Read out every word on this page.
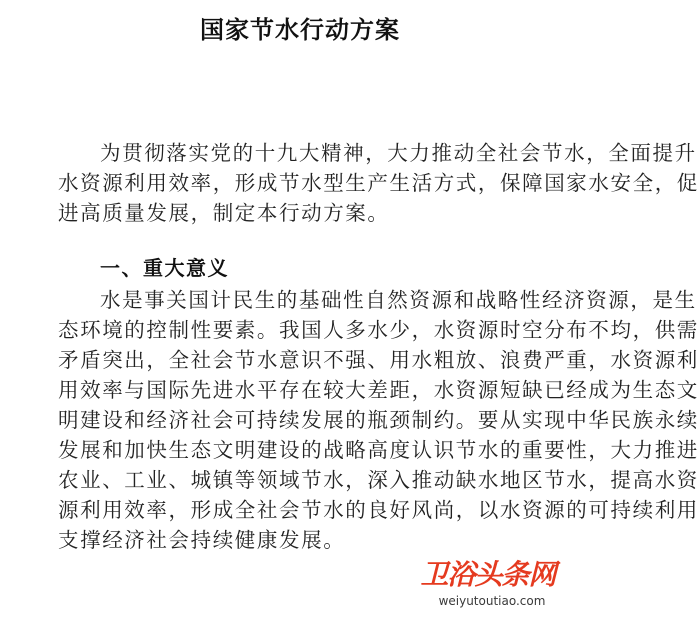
国家节水行动方案
为贯彻落实党的十九大精神，大力推动全社会节水，全面提升
水资源利用效率，形成节水型生产生活方式，保障国家水安全，促
进高质量发展，制定本行动方案。
一、重大意义
水是事关国计民生的基础性自然资源和战略性经济资源，是生
态环境的控制性要素。我国人多水少，水资源时空分布不均，供需
矛盾突出，全社会节水意识不强、用水粗放、浪费严重，水资源利
用效率与国际先进水平存在较大差距，水资源短缺已经成为生态文
明建设和经济社会可持续发展的瓶颈制约。要从实现中华民族永续
发展和加快生态文明建设的战略高度认识节水的重要性，大力推进
农业、工业、城镇等领域节水，深入推动缺水地区节水，提高水资
源利用效率，形成全社会节水的良好风尚，以水资源的可持续利用
支撑经济社会持续健康发展。
卫浴头条网
weiyutoutiao.com
